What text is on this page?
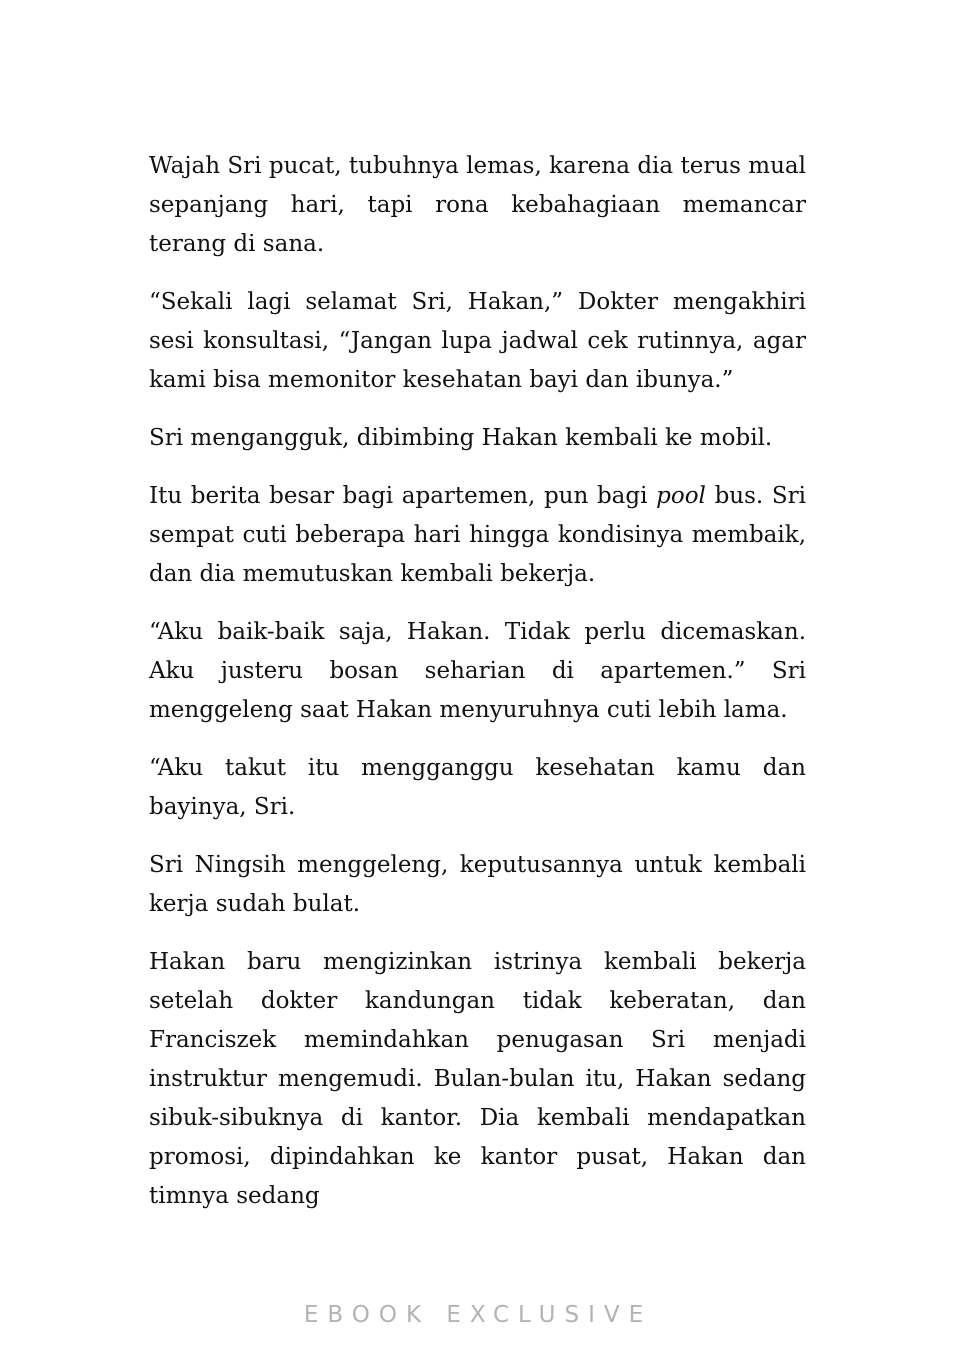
Wajah Sri pucat, tubuhnya lemas, karena dia terus mual sepanjang hari, tapi rona kebahagiaan memancar terang di sana.

“Sekali lagi selamat Sri, Hakan,” Dokter mengakhiri sesi konsultasi, “Jangan lupa jadwal cek rutinnya, agar kami bisa memonitor kesehatan bayi dan ibunya.”

Sri mengangguk, dibimbing Hakan kembali ke mobil.

Itu berita besar bagi apartemen, pun bagi pool bus. Sri sempat cuti beberapa hari hingga kondisinya membaik, dan dia memutuskan kembali bekerja.

“Aku baik-baik saja, Hakan. Tidak perlu dicemaskan. Aku justeru bosan seharian di apartemen.” Sri menggeleng saat Hakan menyuruhnya cuti lebih lama.

“Aku takut itu mengganggu kesehatan kamu dan bayinya, Sri.

Sri Ningsih menggeleng, keputusannya untuk kembali kerja sudah bulat.

Hakan baru mengizinkan istrinya kembali bekerja setelah dokter kandungan tidak keberatan, dan Franciszek memindahkan penugasan Sri menjadi instruktur mengemudi. Bulan-bulan itu, Hakan sedang sibuk-sibuknya di kantor. Dia kembali mendapatkan promosi, dipindahkan ke kantor pusat, Hakan dan timnya sedang

EBOOK EXCLUSIVE
